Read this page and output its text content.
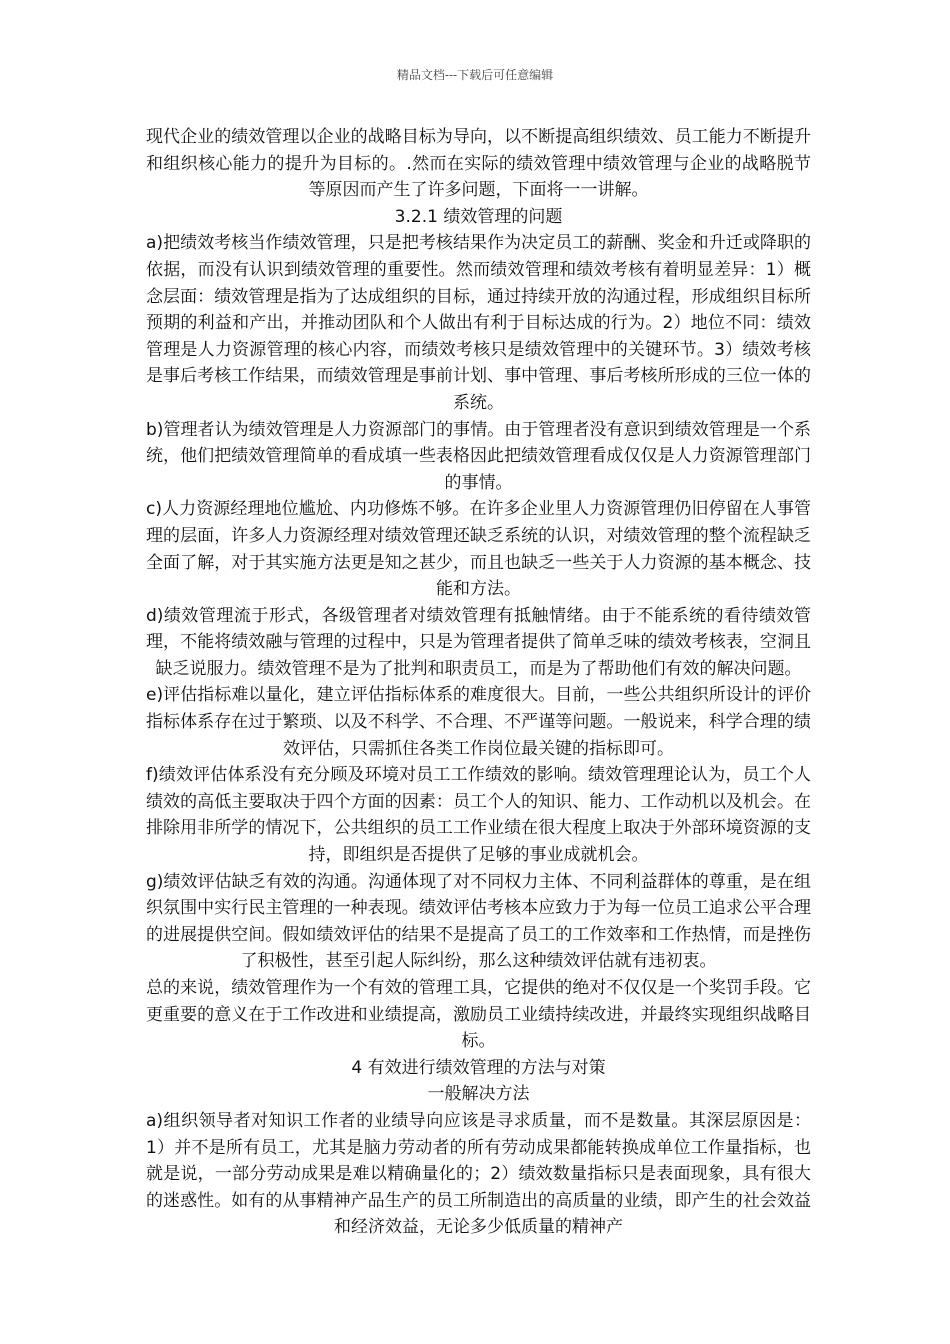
精品文档---下载后可任意编辑

现代企业的绩效管理以企业的战略目标为导向，以不断提高组织绩效、员工能力不断提升和组织核心能力的提升为目标的。.然而在实际的绩效管理中绩效管理与企业的战略脱节等原因而产生了许多问题，下面将一一讲解。

3.2.1 绩效管理的问题

a)把绩效考核当作绩效管理，只是把考核结果作为决定员工的薪酬、奖金和升迁或降职的依据，而没有认识到绩效管理的重要性。然而绩效管理和绩效考核有着明显差异：1）概念层面：绩效管理是指为了达成组织的目标，通过持续开放的沟通过程，形成组织目标所预期的利益和产出，并推动团队和个人做出有利于目标达成的行为。2）地位不同：绩效管理是人力资源管理的核心内容，而绩效考核只是绩效管理中的关键环节。3）绩效考核是事后考核工作结果，而绩效管理是事前计划、事中管理、事后考核所形成的三位一体的系统。

b)管理者认为绩效管理是人力资源部门的事情。由于管理者没有意识到绩效管理是一个系统，他们把绩效管理简单的看成填一些表格因此把绩效管理看成仅仅是人力资源管理部门的事情。

c)人力资源经理地位尴尬、内功修炼不够。在许多企业里人力资源管理仍旧停留在人事管理的层面，许多人力资源经理对绩效管理还缺乏系统的认识，对绩效管理的整个流程缺乏全面了解，对于其实施方法更是知之甚少，而且也缺乏一些关于人力资源的基本概念、技能和方法。

d)绩效管理流于形式，各级管理者对绩效管理有抵触情绪。由于不能系统的看待绩效管理，不能将绩效融与管理的过程中，只是为管理者提供了简单乏味的绩效考核表，空洞且缺乏说服力。绩效管理不是为了批判和职责员工，而是为了帮助他们有效的解决问题。

e)评估指标难以量化，建立评估指标体系的难度很大。目前，一些公共组织所设计的评价指标体系存在过于繁琐、以及不科学、不合理、不严谨等问题。一般说来，科学合理的绩效评估，只需抓住各类工作岗位最关键的指标即可。

f)绩效评估体系没有充分顾及环境对员工工作绩效的影响。绩效管理理论认为，员工个人绩效的高低主要取决于四个方面的因素：员工个人的知识、能力、工作动机以及机会。在排除用非所学的情况下，公共组织的员工工作业绩在很大程度上取决于外部环境资源的支持，即组织是否提供了足够的事业成就机会。

g)绩效评估缺乏有效的沟通。沟通体现了对不同权力主体、不同利益群体的尊重，是在组织氛围中实行民主管理的一种表现。绩效评估考核本应致力于为每一位员工追求公平合理的进展提供空间。假如绩效评估的结果不是提高了员工的工作效率和工作热情，而是挫伤了积极性，甚至引起人际纠纷，那么这种绩效评估就有违初衷。

总的来说，绩效管理作为一个有效的管理工具，它提供的绝对不仅仅是一个奖罚手段。它更重要的意义在于工作改进和业绩提高，激励员工业绩持续改进，并最终实现组织战略目标。

4 有效进行绩效管理的方法与对策

一般解决方法

a)组织领导者对知识工作者的业绩导向应该是寻求质量，而不是数量。其深层原因是：1）并不是所有员工，尤其是脑力劳动者的所有劳动成果都能转换成单位工作量指标，也就是说，一部分劳动成果是难以精确量化的；2）绩效数量指标只是表面现象，具有很大的迷惑性。如有的从事精神产品生产的员工所制造出的高质量的业绩，即产生的社会效益和经济效益，无论多少低质量的精神产
